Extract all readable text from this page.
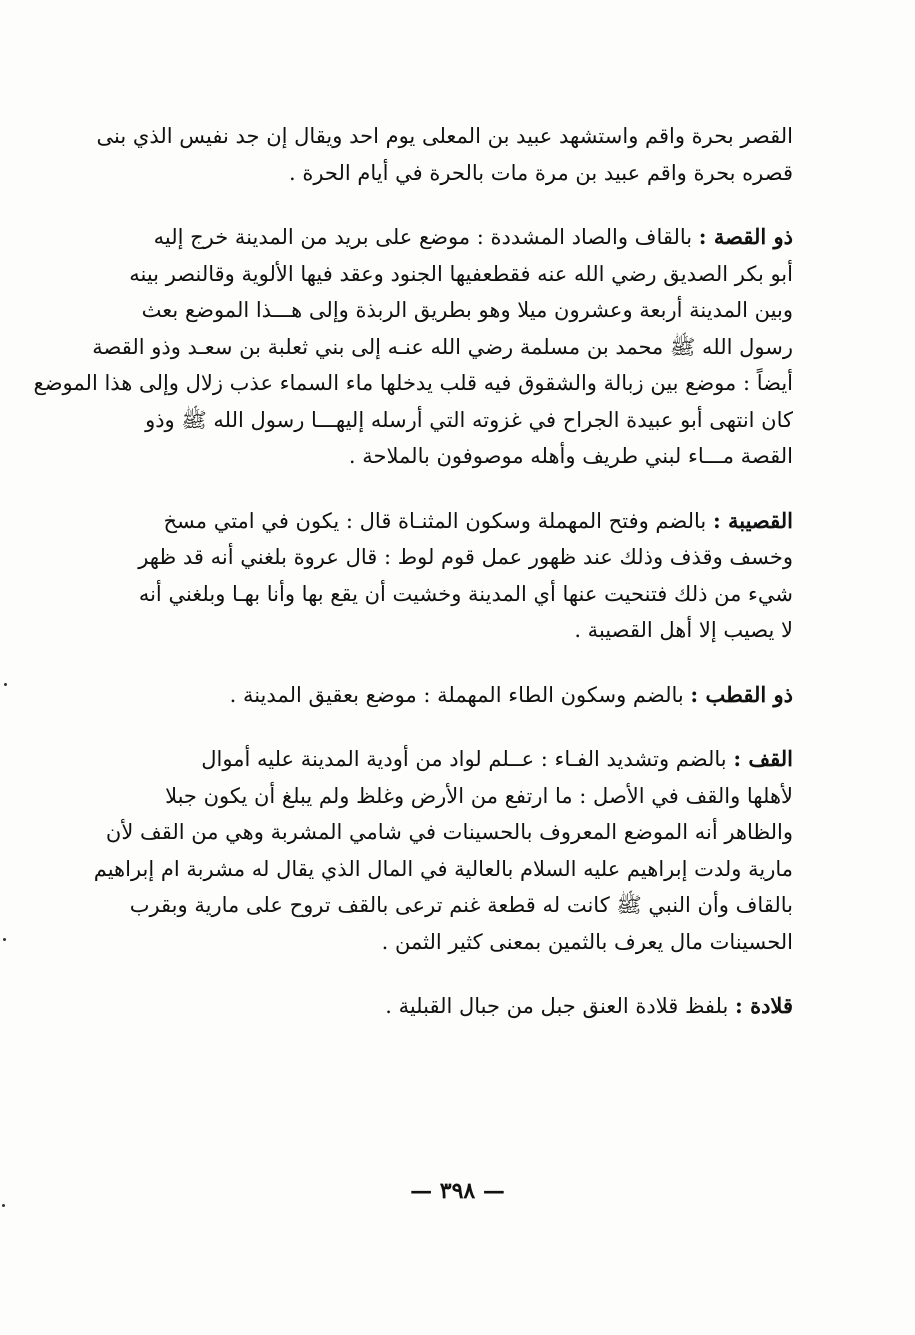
القصر بحرة واقم واستشهد عبيد بن المعلى يوم احد ويقال إن جد نفيس الذي بنى
قصره بحرة واقم عبيد بن مرة مات بالحرة في أيام الحرة .
ذو القصة : بالقاف والصاد المشددة : موضع على بريد من المدينة خرج إليه
أبو بكر الصديق رضي الله عنه فقطعفيها الجنود وعقد فيها الألوية وقالنصر بينه
وبين المدينة أربعة وعشرون ميلا وهو بطريق الربذة وإلى هـــذا الموضع بعث
رسول الله ﷺ محمد بن مسلمة رضي الله عنـه إلى بني ثعلبة بن سعـد وذو القصة
أيضاً : موضع بين زبالة والشقوق فيه قلب يدخلها ماء السماء عذب زلال وإلى هذا الموضع
كان انتهى أبو عبيدة الجراح في غزوته التي أرسله إليهـــا رسول الله ﷺ وذو
القصة مـــاء لبني طريف وأهله موصوفون بالملاحة .
القصيبة : بالضم وفتح المهملة وسكون المثنـاة قال : يكون في امتي مسخ
وخسف وقذف وذلك عند ظهور عمل قوم لوط : قال عروة بلغني أنه قد ظهر
شيء من ذلك فتنحيت عنها أي المدينة وخشيت أن يقع بها وأنا بهـا وبلغني أنه
لا يصيب إلا أهل القصيبة .
ذو القطب : بالضم وسكون الطاء المهملة : موضع بعقيق المدينة .
القف : بالضم وتشديد الفـاء : عــلم لواد من أودية المدينة عليه أموال
لأهلها والقف في الأصل : ما ارتفع من الأرض وغلظ ولم يبلغ أن يكون جبلا
والظاهر أنه الموضع المعروف بالحسينات في شامي المشربة وهي من القف لأن
مارية ولدت إبراهيم عليه السلام بالعالية في المال الذي يقال له مشربة ام إبراهيم
بالقاف وأن النبي ﷺ كانت له قطعة غنم ترعى بالقف تروح على مارية وبقرب
الحسينات مال يعرف بالثمين بمعنى كثير الثمن .
قلادة : بلفظ قلادة العنق جبل من جبال القبلية .
— ٣٩٨ —
